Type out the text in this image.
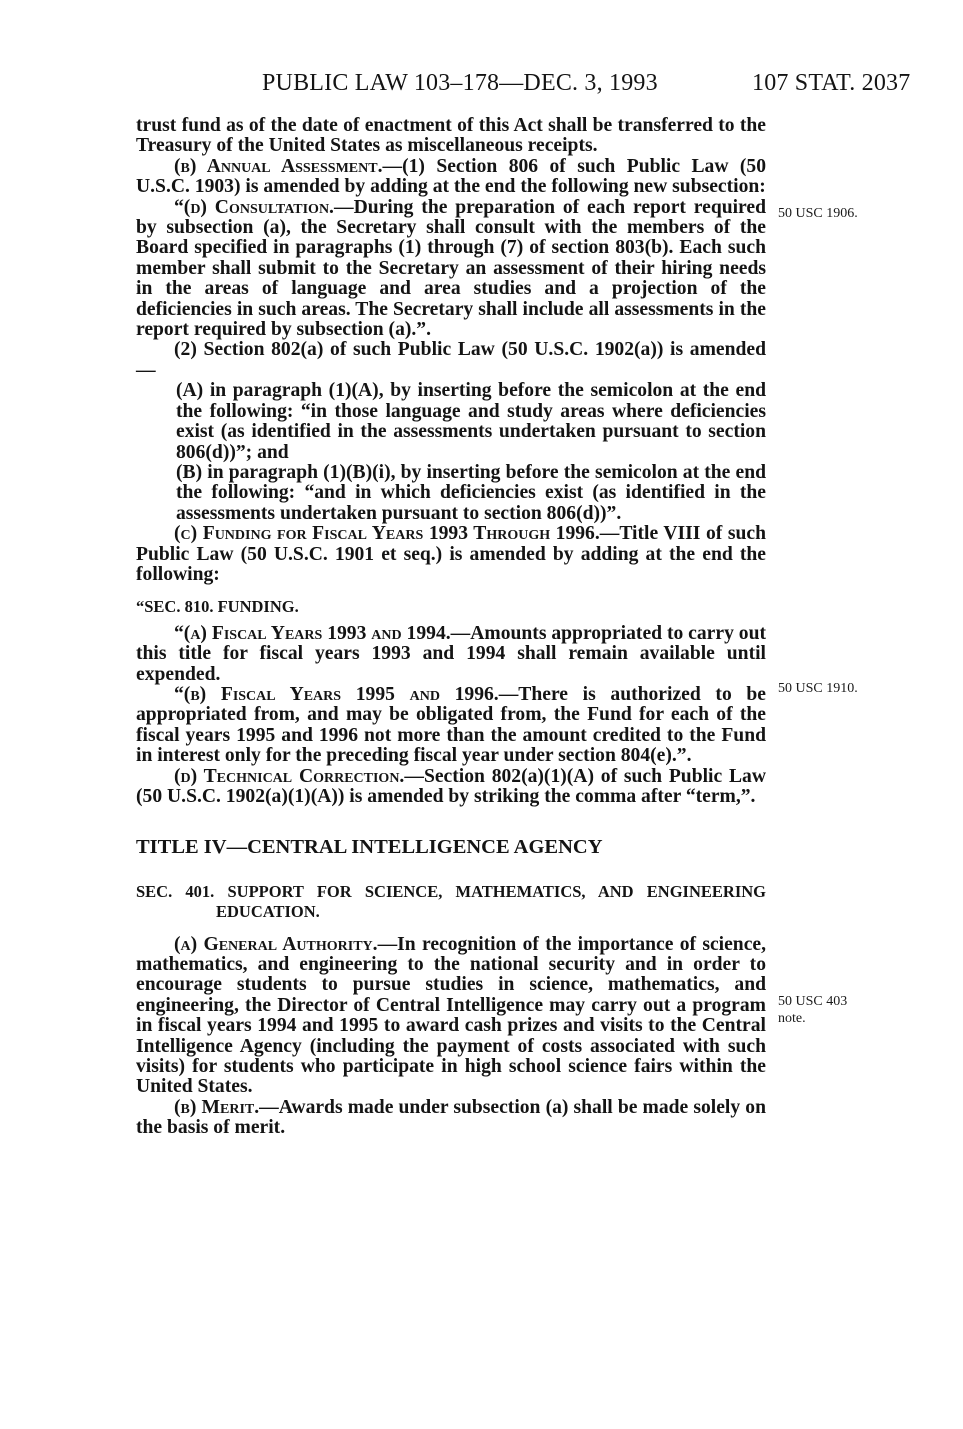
PUBLIC LAW 103–178—DEC. 3, 1993	107 STAT. 2037
50 USC 1906.
50 USC 1910.
50 USC 403
note.

trust fund as of the date of enactment of this Act shall be transferred to the Treasury of the United States as miscellaneous receipts.

(b) Annual Assessment.—(1) Section 806 of such Public Law (50 U.S.C. 1903) is amended by adding at the end the following new subsection:

“(d) Consultation.—During the preparation of each report required by subsection (a), the Secretary shall consult with the members of the Board specified in paragraphs (1) through (7) of section 803(b). Each such member shall submit to the Secretary an assessment of their hiring needs in the areas of language and area studies and a projection of the deficiencies in such areas. The Secretary shall include all assessments in the report required by subsection (a).”.

(2) Section 802(a) of such Public Law (50 U.S.C. 1902(a)) is amended—

(A) in paragraph (1)(A), by inserting before the semicolon at the end the following: “in those language and study areas where deficiencies exist (as identified in the assessments undertaken pursuant to section 806(d))”; and

(B) in paragraph (1)(B)(i), by inserting before the semicolon at the end the following: “and in which deficiencies exist (as identified in the assessments undertaken pursuant to section 806(d))”.

(c) Funding for Fiscal Years 1993 Through 1996.—Title VIII of such Public Law (50 U.S.C. 1901 et seq.) is amended by adding at the end the following:

“SEC. 810. FUNDING.

“(a) Fiscal Years 1993 and 1994.—Amounts appropriated to carry out this title for fiscal years 1993 and 1994 shall remain available until expended.

“(b) Fiscal Years 1995 and 1996.—There is authorized to be appropriated from, and may be obligated from, the Fund for each of the fiscal years 1995 and 1996 not more than the amount credited to the Fund in interest only for the preceding fiscal year under section 804(e).”.

(d) Technical Correction.—Section 802(a)(1)(A) of such Public Law (50 U.S.C. 1902(a)(1)(A)) is amended by striking the comma after “term,”.

TITLE IV—CENTRAL INTELLIGENCE AGENCY

SEC. 401. SUPPORT FOR SCIENCE, MATHEMATICS, AND ENGINEERING EDUCATION.

(a) General Authority.—In recognition of the importance of science, mathematics, and engineering to the national security and in order to encourage students to pursue studies in science, mathematics, and engineering, the Director of Central Intelligence may carry out a program in fiscal years 1994 and 1995 to award cash prizes and visits to the Central Intelligence Agency (including the payment of costs associated with such visits) for students who participate in high school science fairs within the United States.

(b) Merit.—Awards made under subsection (a) shall be made solely on the basis of merit.
